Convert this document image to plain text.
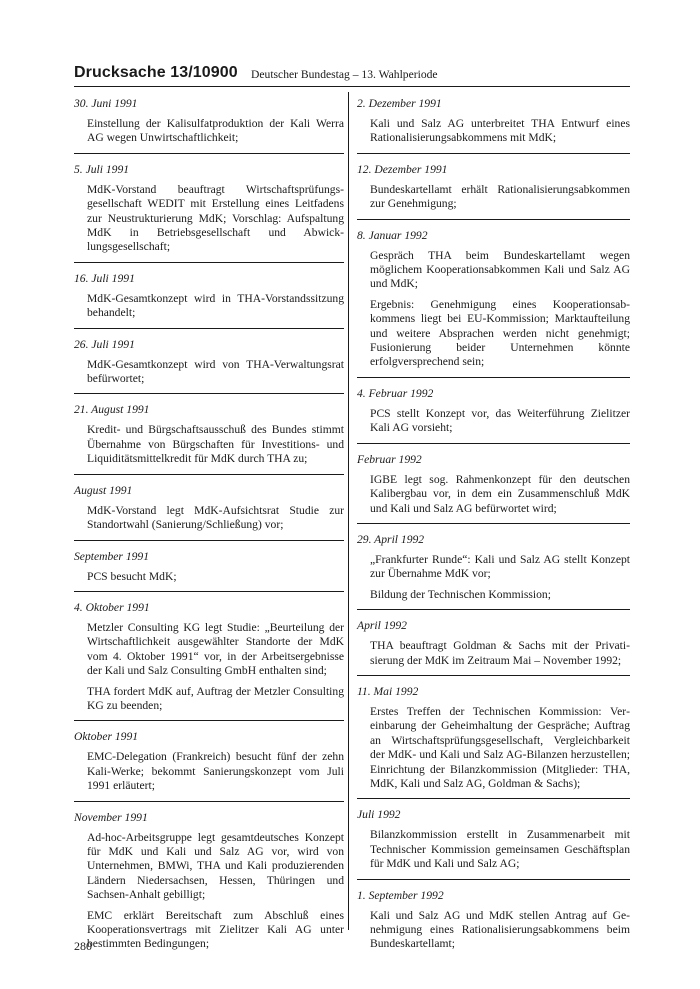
Drucksache 13/10900 Deutscher Bundestag – 13. Wahlperiode
30. Juni 1991
Einstellung der Kalisulfatproduktion der Kali Werra AG wegen Unwirtschaftlichkeit;
5. Juli 1991
MdK-Vorstand beauftragt Wirtschaftsprüfungsgesellschaft WEDIT mit Erstellung eines Leitfadens zur Neustrukturierung MdK; Vorschlag: Aufspaltung MdK in Betriebsgesellschaft und Abwicklungsgesellschaft;
16. Juli 1991
MdK-Gesamtkonzept wird in THA-Vorstandssitzung behandelt;
26. Juli 1991
MdK-Gesamtkonzept wird von THA-Verwaltungsrat befürwortet;
21. August 1991
Kredit- und Bürgschaftsausschuß des Bundes stimmt Übernahme von Bürgschaften für Investitions- und Liquiditätsmittelkredit für MdK durch THA zu;
August 1991
MdK-Vorstand legt MdK-Aufsichtsrat Studie zur Standortwahl (Sanierung/Schließung) vor;
September 1991
PCS besucht MdK;
4. Oktober 1991
Metzler Consulting KG legt Studie: „Beurteilung der Wirtschaftlichkeit ausgewählter Standorte der MdK vom 4. Oktober 1991“ vor, in der Arbeitsergebnisse der Kali und Salz Consulting GmbH enthalten sind;
THA fordert MdK auf, Auftrag der Metzler Consulting KG zu beenden;
Oktober 1991
EMC-Delegation (Frankreich) besucht fünf der zehn Kali-Werke; bekommt Sanierungskonzept vom Juli 1991 erläutert;
November 1991
Ad-hoc-Arbeitsgruppe legt gesamtdeutsches Konzept für MdK und Kali und Salz AG vor, wird von Unternehmen, BMWi, THA und Kali produzierenden Ländern Niedersachsen, Hessen, Thüringen und Sachsen-Anhalt gebilligt;
EMC erklärt Bereitschaft zum Abschluß eines Kooperationsvertrags mit Zielitzer Kali AG unter bestimmten Bedingungen;
2. Dezember 1991
Kali und Salz AG unterbreitet THA Entwurf eines Rationalisierungsabkommens mit MdK;
12. Dezember 1991
Bundeskartellamt erhält Rationalisierungsabkommen zur Genehmigung;
8. Januar 1992
Gespräch THA beim Bundeskartellamt wegen möglichem Kooperationsabkommen Kali und Salz AG und MdK;
Ergebnis: Genehmigung eines Kooperationsabkommens liegt bei EU-Kommission; Marktaufteilung und weitere Absprachen werden nicht genehmigt; Fusionierung beider Unternehmen könnte erfolgversprechend sein;
4. Februar 1992
PCS stellt Konzept vor, das Weiterführung Zielitzer Kali AG vorsieht;
Februar 1992
IGBE legt sog. Rahmenkonzept für den deutschen Kalibergbau vor, in dem ein Zusammenschluß MdK und Kali und Salz AG befürwortet wird;
29. April 1992
„Frankfurter Runde“: Kali und Salz AG stellt Konzept zur Übernahme MdK vor;
Bildung der Technischen Kommission;
April 1992
THA beauftragt Goldman & Sachs mit der Privatisierung der MdK im Zeitraum Mai – November 1992;
11. Mai 1992
Erstes Treffen der Technischen Kommission: Vereinbarung der Geheimhaltung der Gespräche; Auftrag an Wirtschaftsprüfungsgesellschaft, Vergleichbarkeit der MdK- und Kali und Salz AG-Bilanzen herzustellen; Einrichtung der Bilanzkommission (Mitglieder: THA, MdK, Kali und Salz AG, Goldman & Sachs);
Juli 1992
Bilanzkommission erstellt in Zusammenarbeit mit Technischer Kommission gemeinsamen Geschäftsplan für MdK und Kali und Salz AG;
1. September 1992
Kali und Salz AG und MdK stellen Antrag auf Genehmigung eines Rationalisierungsabkommens beim Bundeskartellamt;
280
